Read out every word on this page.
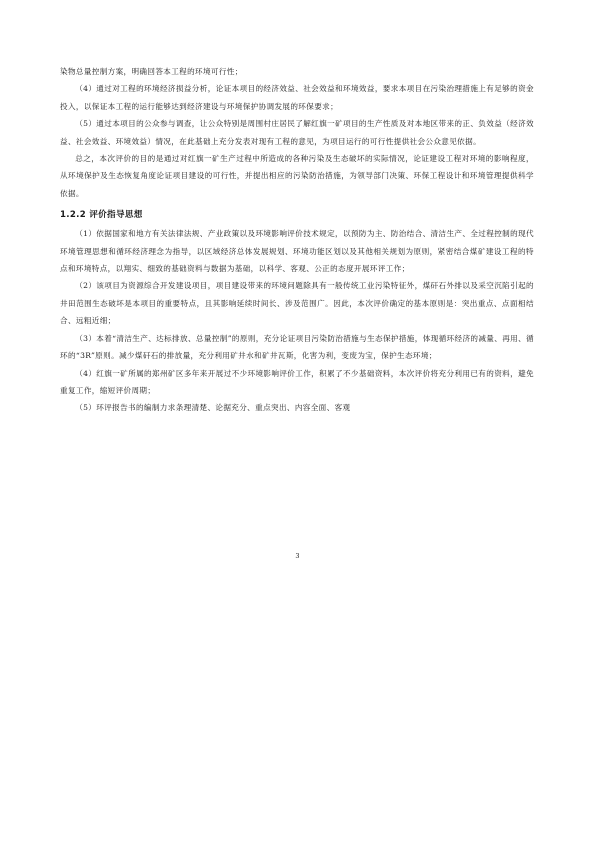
染物总量控制方案，明确回答本工程的环境可行性；

（4）通过对工程的环境经济损益分析，论证本项目的经济效益、社会效益和环境效益，要求本项目在污染治理措施上有足够的资金投入，以保证本工程的运行能够达到经济建设与环境保护协调发展的环保要求；

（5）通过本项目的公众参与调查，让公众特别是周围村庄居民了解红旗一矿项目的生产性质及对本地区带来的正、负效益（经济效益、社会效益、环境效益）情况，在此基础上充分发表对现有工程的意见，为项目运行的可行性提供社会公众意见依据。

总之，本次评价的目的是通过对红旗一矿生产过程中所造成的各种污染及生态破坏的实际情况，论证建设工程对环境的影响程度，从环境保护及生态恢复角度论证项目建设的可行性，并提出相应的污染防治措施，为领导部门决策、环保工程设计和环境管理提供科学依据。

1.2.2 评价指导思想

（1）依据国家和地方有关法律法规、产业政策以及环境影响评价技术规定，以预防为主、防治结合、清洁生产、全过程控制的现代环境管理思想和循环经济理念为指导，以区域经济总体发展规划、环境功能区划以及其他相关规划为原则，紧密结合煤矿建设工程的特点和环境特点，以翔实、细致的基础资料与数据为基础，以科学、客观、公正的态度开展环评工作；

（2）该项目为资源综合开发建设项目，项目建设带来的环境问题除具有一般传统工业污染特征外，煤矸石外排以及采空沉陷引起的井田范围生态破坏是本项目的重要特点，且其影响延续时间长、涉及范围广。因此，本次评价确定的基本原则是：突出重点、点面相结合、远粗近细；

（3）本着“清洁生产、达标排放、总量控制”的原则，充分论证项目污染防治措施与生态保护措施，体现循环经济的减量、再用、循环的“3R”原则。减少煤矸石的排放量，充分利用矿井水和矿井瓦斯，化害为利，变废为宝，保护生态环境；

（4）红旗一矿所属的郑州矿区多年来开展过不少环境影响评价工作，积累了不少基础资料，本次评价将充分利用已有的资料，避免重复工作，缩短评价周期；

（5）环评报告书的编制力求条理清楚、论据充分、重点突出、内容全面、客观

3
